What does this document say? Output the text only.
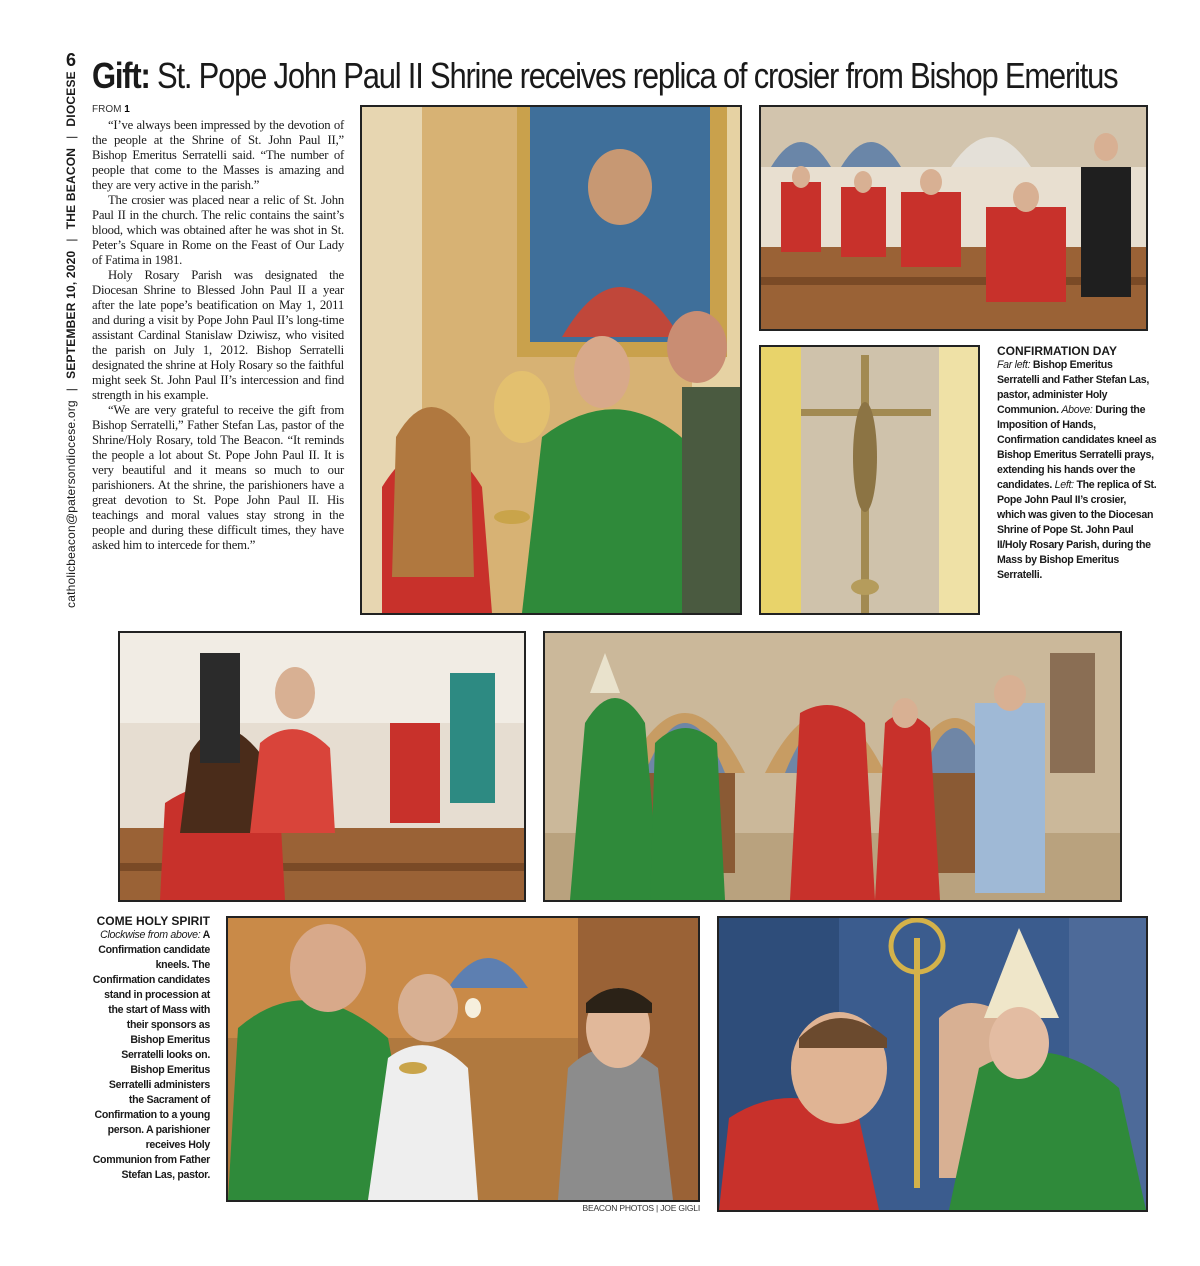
6
catholicbeacon@patersondiocese.org
|
SEPTEMBER 10, 2020
|
THE BEACON
|
DIOCESE Gift: St. Pope John Paul II Shrine receives replica of crosier from Bishop Emeritus
FROM 1

“I’ve always been impressed by the devotion of the people at the Shrine of St. John Paul II,” Bishop Emeritus Serratelli said. “The number of people that come to the Masses is amazing and they are very active in the parish.”

The crosier was placed near a relic of St. John Paul II in the church. The relic contains the saint’s blood, which was obtained after he was shot in St. Peter’s Square in Rome on the Feast of Our Lady of Fatima in 1981.

Holy Rosary Parish was designated the Diocesan Shrine to Blessed John Paul II a year after the late pope’s beatification on May 1, 2011 and during a visit by Pope John Paul II’s long-time assistant Cardinal Stanislaw Dziwisz, who visited the parish on July 1, 2012. Bishop Serratelli designated the shrine at Holy Rosary so the faithful might seek St. John Paul II’s intercession and find strength in his example.

“We are very grateful to receive the gift from Bishop Serratelli,” Father Stefan Las, pastor of the Shrine/Holy Rosary, told The Beacon. “It reminds the people a lot about St. Pope John Paul II. It is very beautiful and it means so much to our parishioners. At the shrine, the parishioners have a great devotion to St. Pope John Paul II. His teachings and moral values stay strong in the people and during these difficult times, they have asked him to intercede for them.”

CONFIRMATION DAY
Far left: Bishop Emeritus Serratelli and Father Stefan Las, pastor, administer Holy Communion. Above: During the Imposition of Hands, Confirmation candidates kneel as Bishop Emeritus Serratelli prays, extending his hands over the candidates. Left: The replica of St. Pope John Paul II’s crosier, which was given to the Diocesan Shrine of Pope St. John Paul II/Holy Rosary Parish, during the Mass by Bishop Emeritus Serratelli.
COME HOLY SPIRIT
Clockwise from above: A Confirmation candidate kneels. The Confirmation candidates stand in procession at the start of Mass with their sponsors as Bishop Emeritus Serratelli looks on. Bishop Emeritus Serratelli administers the Sacrament of Confirmation to a young person. A parishioner receives Holy Communion from Father Stefan Las, pastor.
BEACON PHOTOS | JOE GIGLI
